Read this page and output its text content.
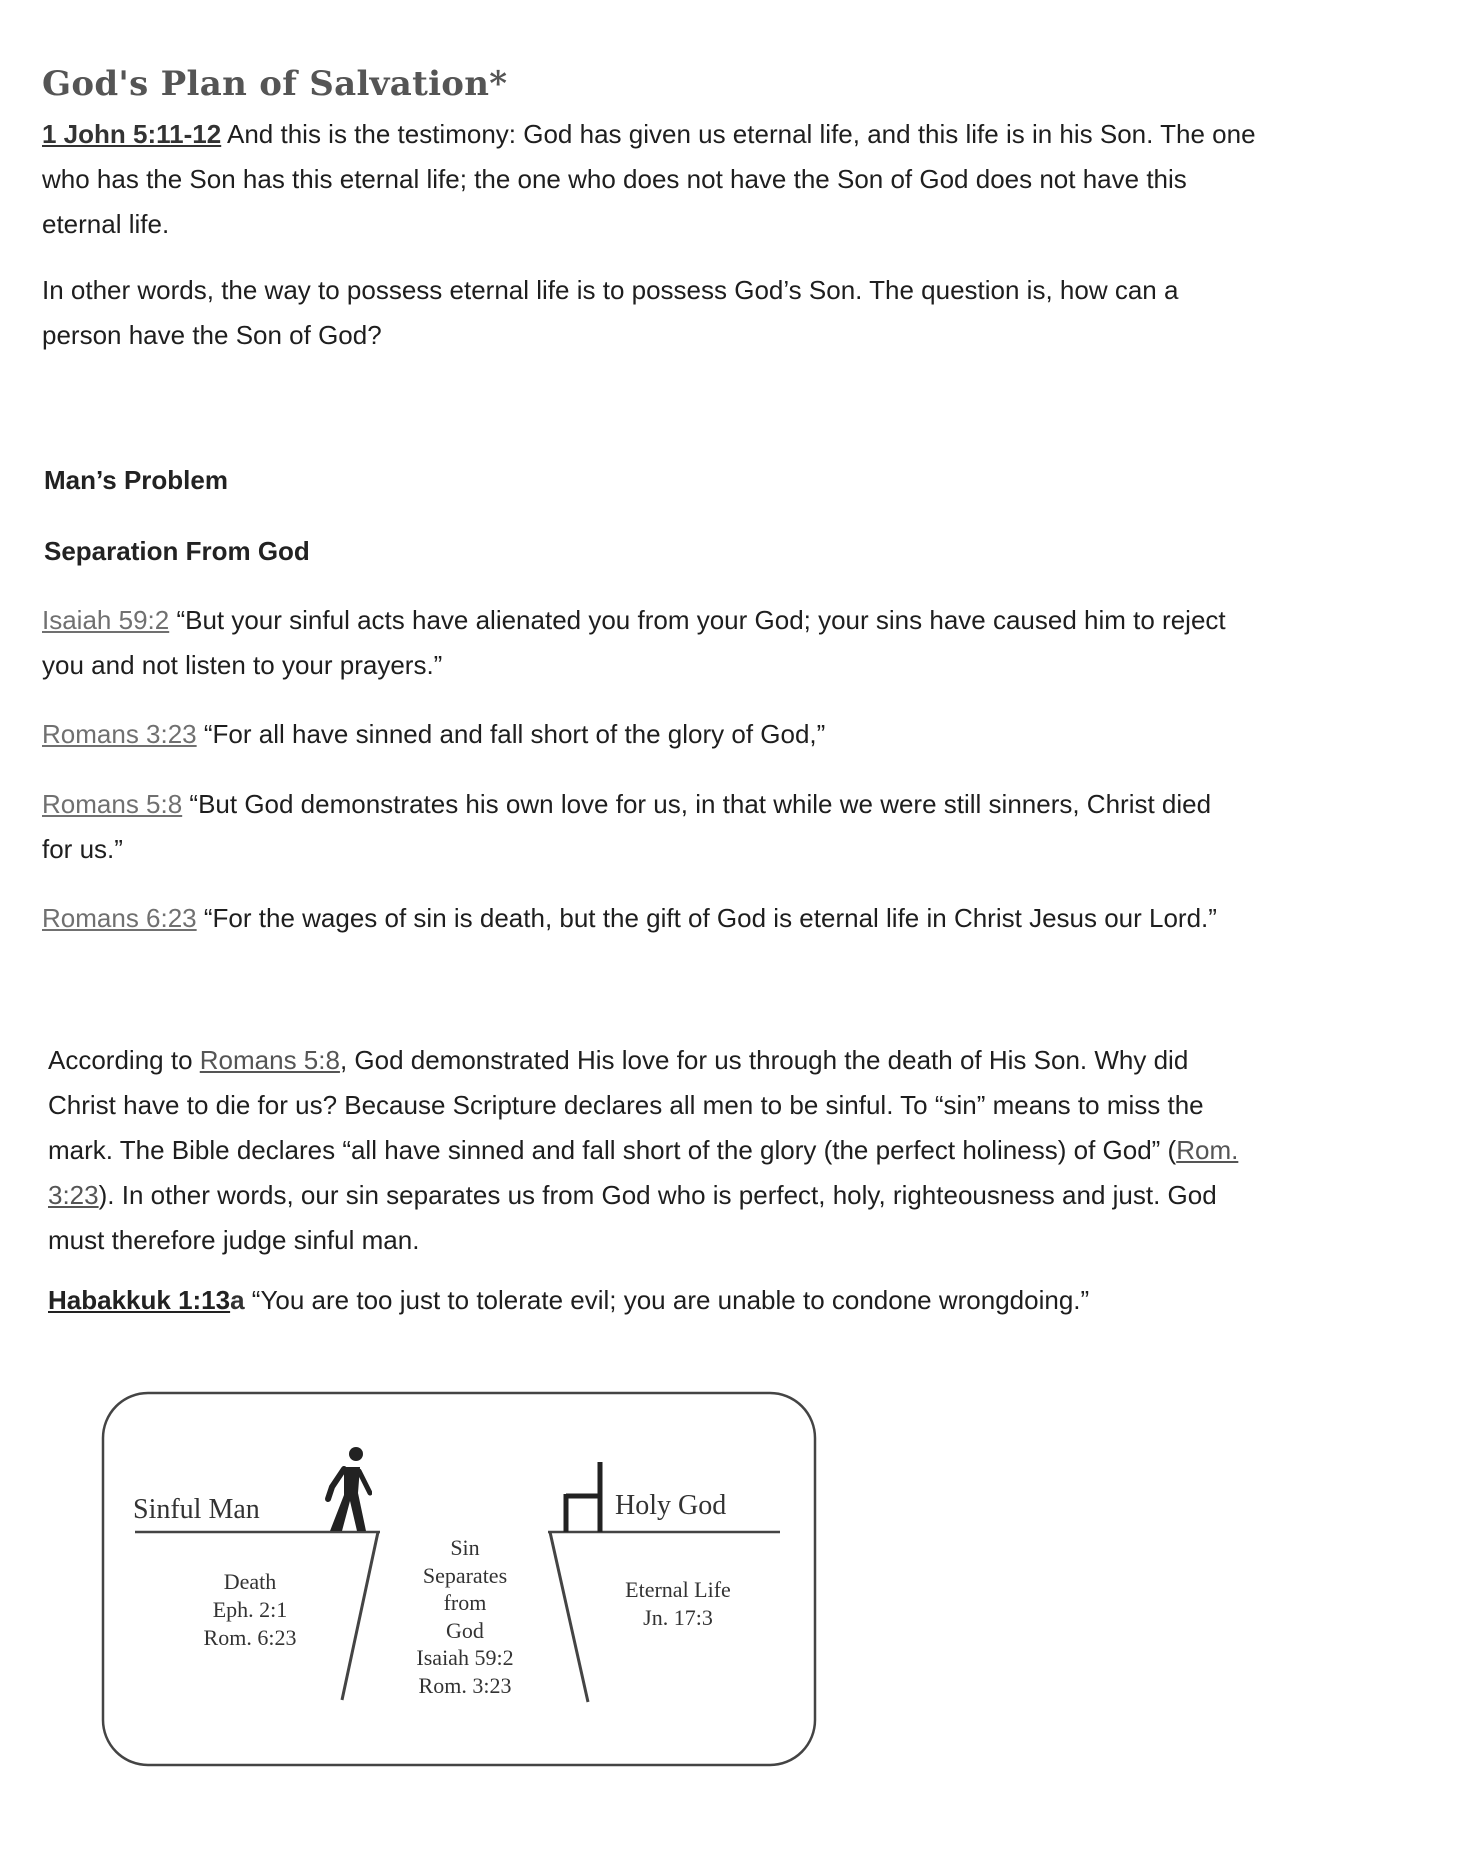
God's Plan of Salvation*
1 John 5:11-12 And this is the testimony: God has given us eternal life, and this life is in his Son. The one
who has the Son has this eternal life; the one who does not have the Son of God does not have this
eternal life.
In other words, the way to possess eternal life is to possess God’s Son. The question is, how can a
person have the Son of God?
Man’s Problem
Separation From God
Isaiah 59:2 “But your sinful acts have alienated you from your God; your sins have caused him to reject
you and not listen to your prayers.”
Romans 3:23 “For all have sinned and fall short of the glory of God,”
Romans 5:8 “But God demonstrates his own love for us, in that while we were still sinners, Christ died
for us.”
Romans 6:23 “For the wages of sin is death, but the gift of God is eternal life in Christ Jesus our Lord.”
According to Romans 5:8, God demonstrated His love for us through the death of His Son. Why did
Christ have to die for us? Because Scripture declares all men to be sinful. To “sin” means to miss the
mark. The Bible declares “all have sinned and fall short of the glory (the perfect holiness) of God” (Rom.
3:23). In other words, our sin separates us from God who is perfect, holy, righteousness and just. God
must therefore judge sinful man.
Habakkuk 1:13a “You are too just to tolerate evil; you are unable to condone wrongdoing.”
Sinful Man	Holy God
Death
Eph. 2:1
Rom. 6:23
Sin
Separates
from
God
Isaiah 59:2
Rom. 3:23
Eternal Life
Jn. 17:3
